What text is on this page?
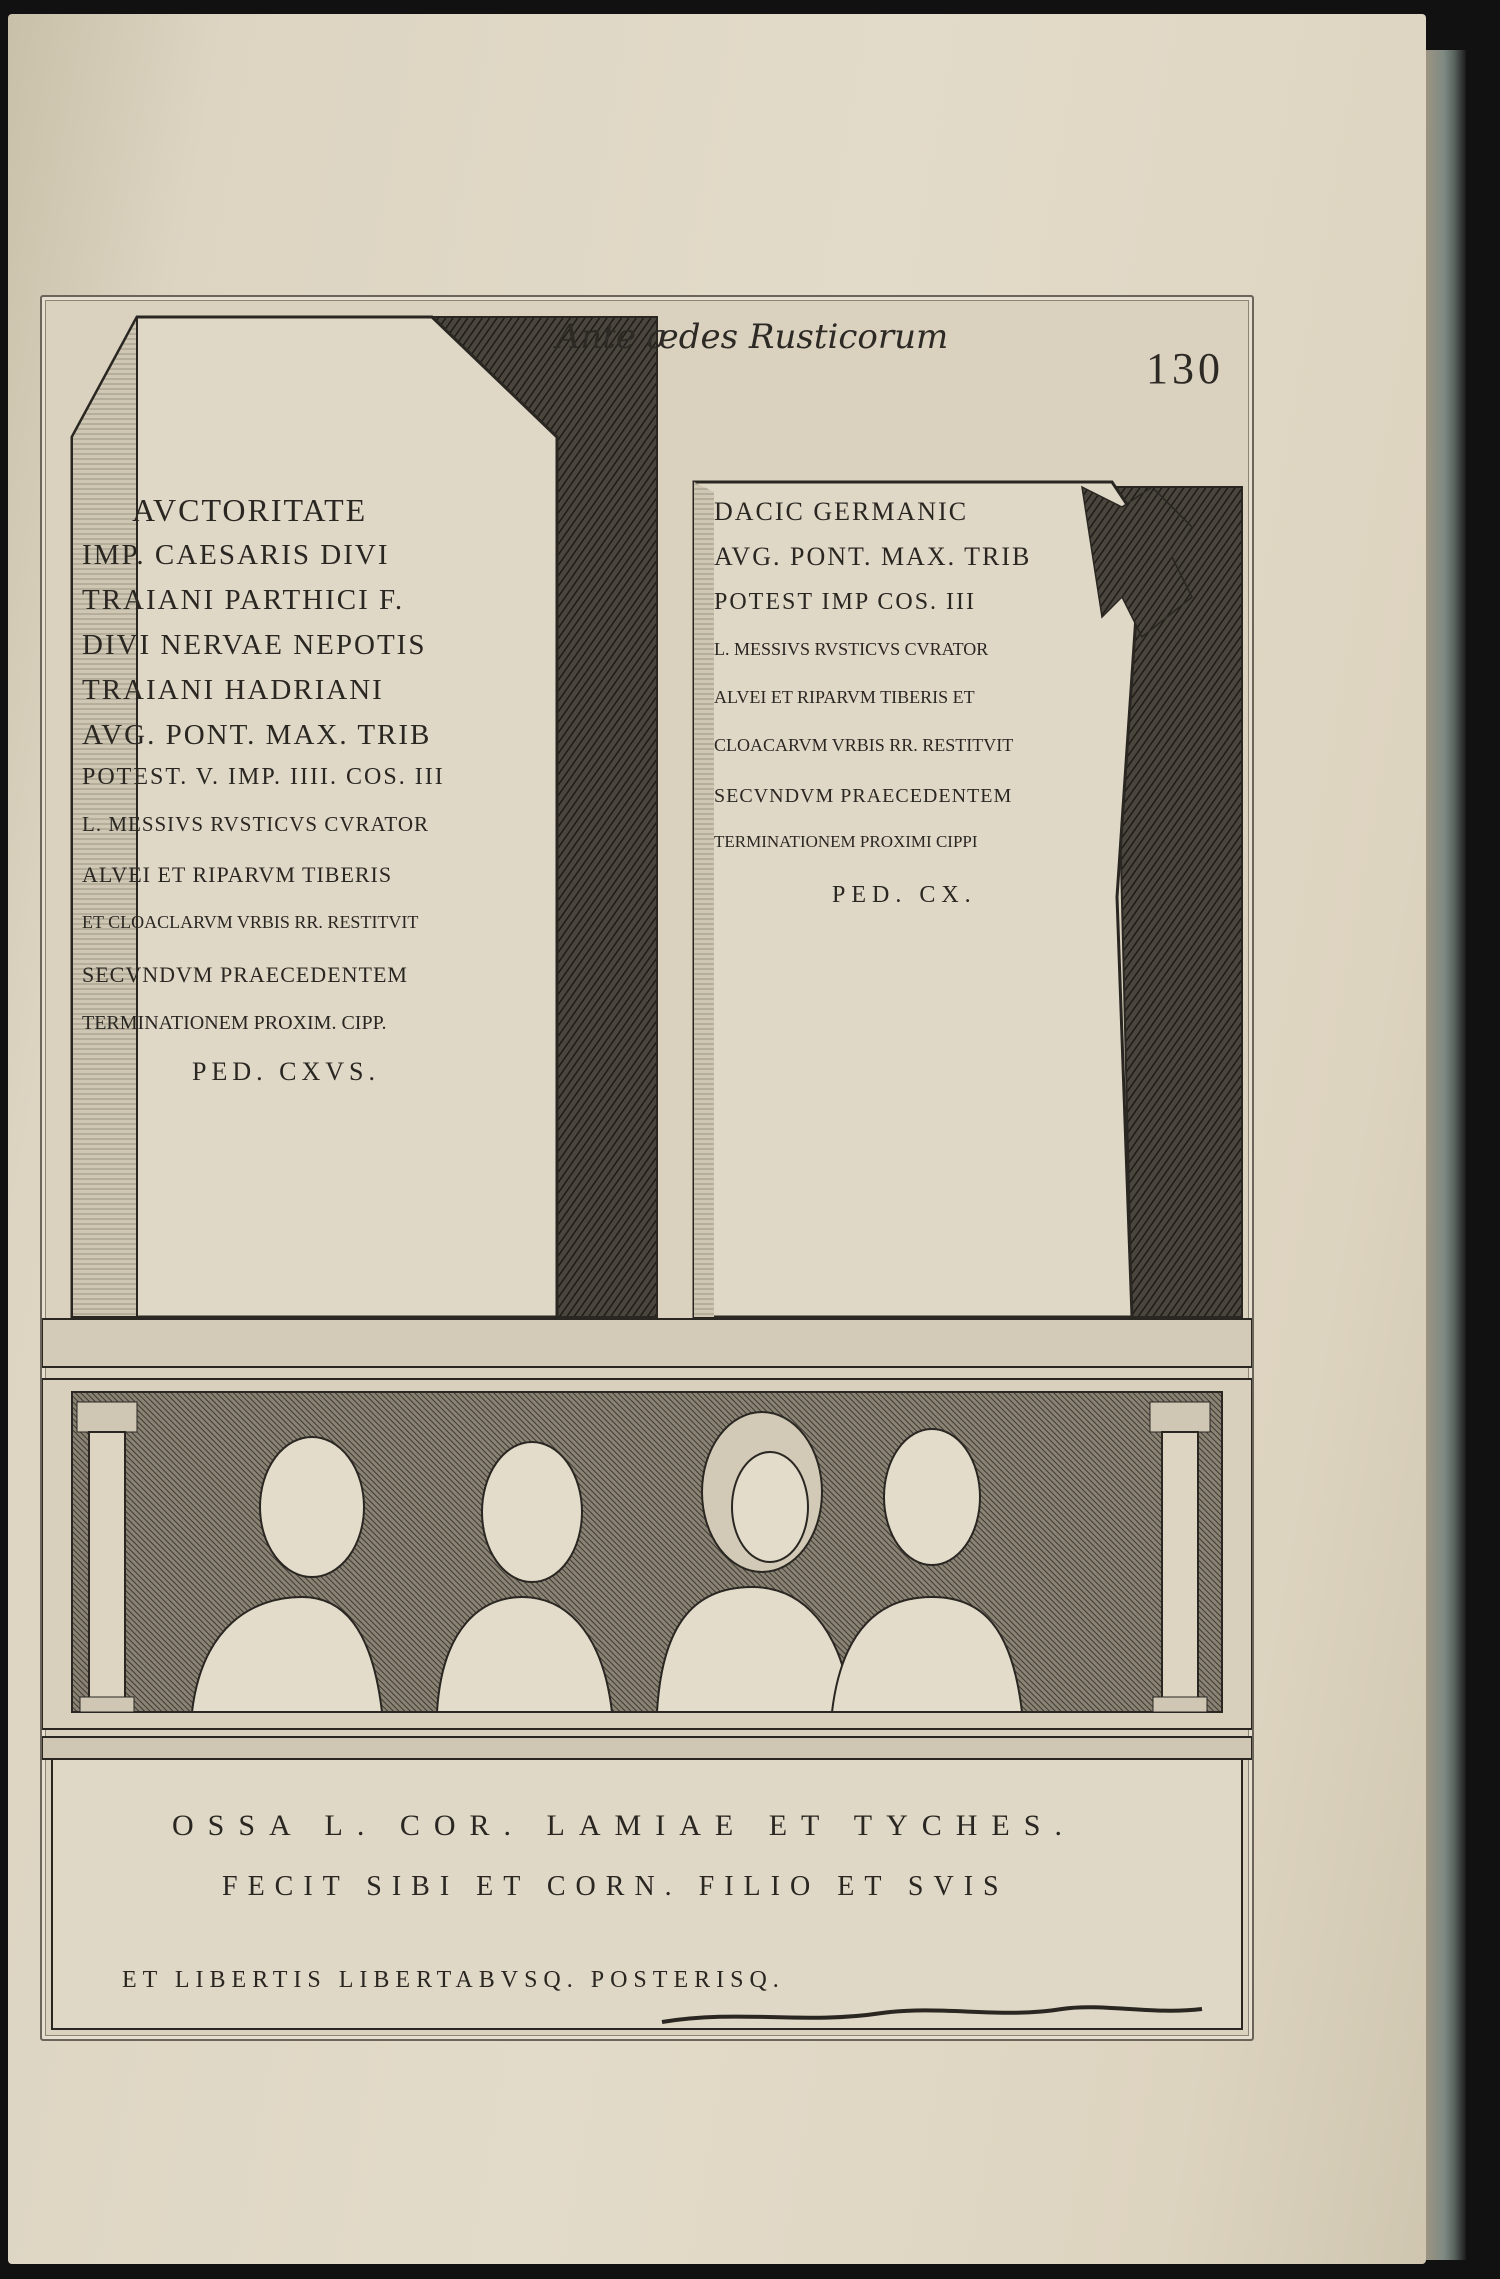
Ante ædes Rusticorum
130
AVCTORITATE
IMP. CAESARIS DIVI
TRAIANI PARTHICI F.
DIVI NERVAE NEPOTIS
TRAIANI HADRIANI
AVG. PONT. MAX. TRIB
POTEST. V. IMP. IIII. COS. III
L. MESSIVS RVSTICVS CVRATOR
ALVEI ET RIPARVM TIBERIS
ET CLOACLARVM VRBIS RR. RESTITVIT
SECVNDVM PRAECEDENTEM
TERMINATIONEM PROXIM. CIPP.
PED. CXVS.
DACIC GERMANIC
AVG. PONT. MAX. TRIB
POTEST IMP COS. III
L. MESSIVS RVSTICVS CVRATOR
ALVEI ET RIPARVM TIBERIS ET
CLOACARVM VRBIS RR. RESTITVIT
SECVNDVM PRAECEDENTEM
TERMINATIONEM PROXIMI CIPPI
PED. CX.
OSSA L. COR. LAMIAE ET TYCHES.
FECIT SIBI ET CORN. FILIO ET SVIS
ET LIBERTIS LIBERTABVSQ. POSTERISQ.
